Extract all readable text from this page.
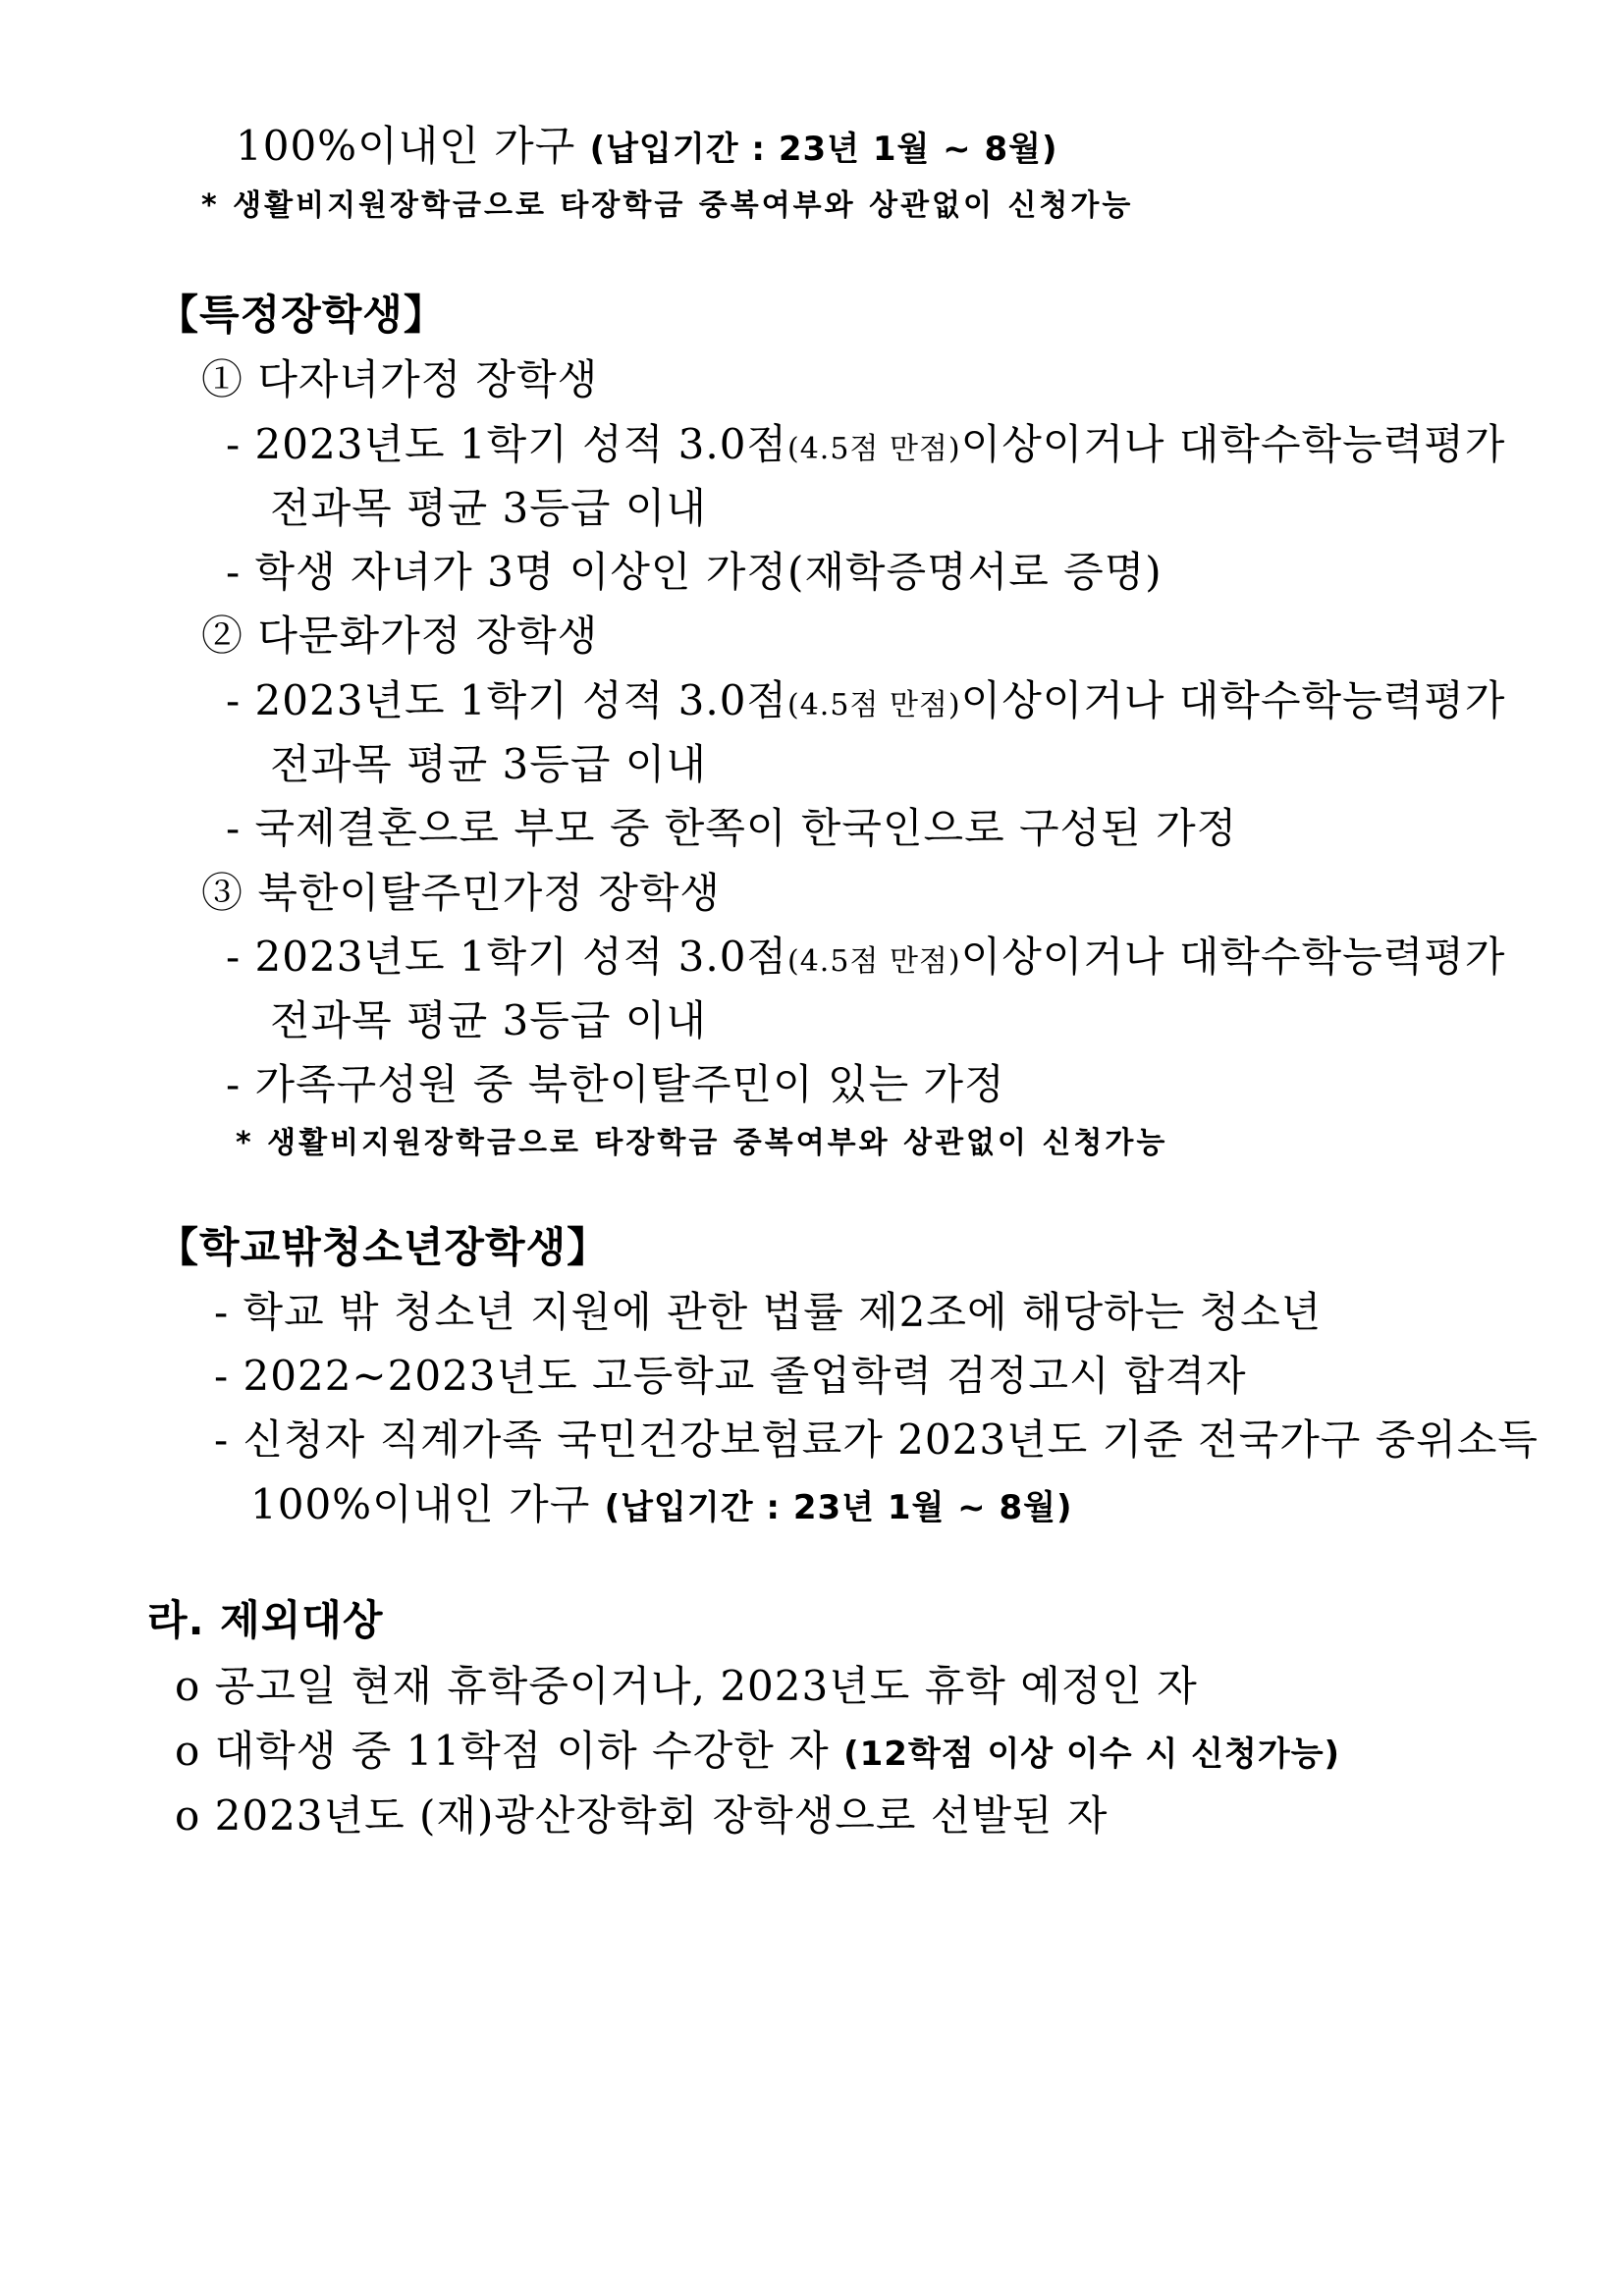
100%이내인 가구 (납입기간 : 23년 1월 ~ 8월)
* 생활비지원장학금으로 타장학금 중복여부와 상관없이 신청가능
【특정장학생】
① 다자녀가정 장학생
- 2023년도 1학기 성적 3.0점(4.5점 만점)이상이거나 대학수학능력평가
전과목 평균 3등급 이내
- 학생 자녀가 3명 이상인 가정(재학증명서로 증명)
② 다문화가정 장학생
- 2023년도 1학기 성적 3.0점(4.5점 만점)이상이거나 대학수학능력평가
전과목 평균 3등급 이내
- 국제결혼으로 부모 중 한쪽이 한국인으로 구성된 가정
③ 북한이탈주민가정 장학생
- 2023년도 1학기 성적 3.0점(4.5점 만점)이상이거나 대학수학능력평가
전과목 평균 3등급 이내
- 가족구성원 중 북한이탈주민이 있는 가정
* 생활비지원장학금으로 타장학금 중복여부와 상관없이 신청가능
【학교밖청소년장학생】
- 학교 밖 청소년 지원에 관한 법률 제2조에 해당하는 청소년
- 2022~2023년도 고등학교 졸업학력 검정고시 합격자
- 신청자 직계가족 국민건강보험료가 2023년도 기준 전국가구 중위소득
100%이내인 가구 (납입기간 : 23년 1월 ~ 8월)
라. 제외대상
o 공고일 현재 휴학중이거나, 2023년도 휴학 예정인 자
o 대학생 중 11학점 이하 수강한 자 (12학점 이상 이수 시 신청가능)
o 2023년도 (재)광산장학회 장학생으로 선발된 자
